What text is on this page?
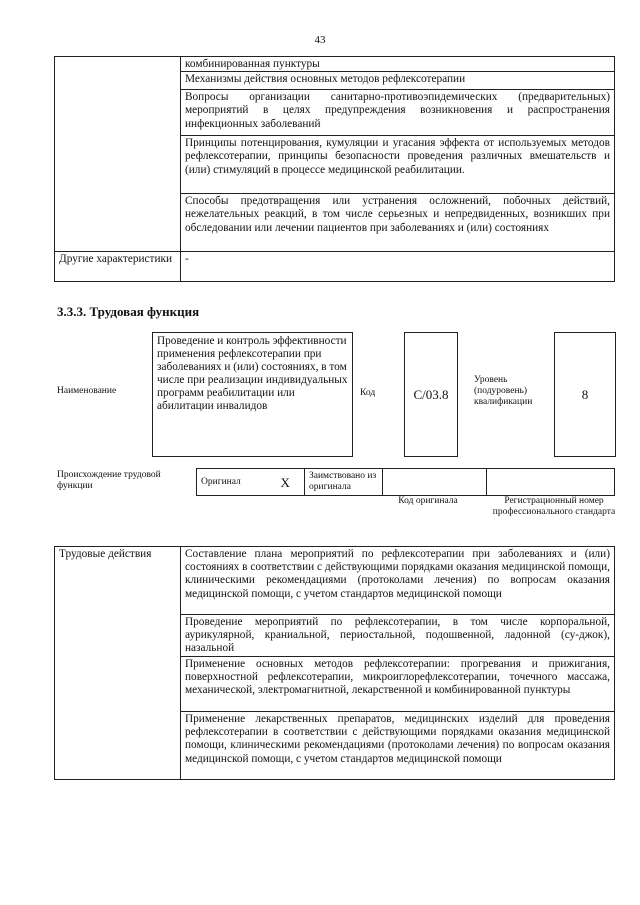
43
	комбинированная пунктуры
	Механизмы действия основных методов рефлексотерапии
	Вопросы организации санитарно-противоэпидемических (предварительных) мероприятий в целях предупреждения возникновения и распространения инфекционных заболеваний
	Принципы потенцирования, кумуляции и угасания эффекта от используемых методов рефлексотерапии, принципы безопасности проведения различных вмешательств и (или) стимуляций в процессе медицинской реабилитации.
	Способы предотвращения или устранения осложнений, побочных действий, нежелательных реакций, в том числе серьезных и непредвиденных, возникших при обследовании или лечении пациентов при заболеваниях и (или) состояниях
Другие характеристики	-
3.3.3. Трудовая функция
Наименование
Проведение и контроль эффективности применения рефлексотерапии при заболеваниях и (или) состояниях, в том числе при реализации индивидуальных программ реабилитации или абилитации инвалидов
Код	C/03.8
Уровень (подуровень) квалификации
8
Происхождение трудовой функции	Оригинал	X	Заимствовано из оригинала		
Код оригинала	Регистрационный номер профессионального стандарта
Трудовые действия	Составление плана мероприятий по рефлексотерапии при заболеваниях и (или) состояниях в соответствии с действующими порядками оказания медицинской помощи, клиническими рекомендациями (протоколами лечения) по вопросам оказания медицинской помощи, с учетом стандартов медицинской помощи
Проведение мероприятий по рефлексотерапии, в том числе корпоральной, аурикулярной, краниальной, периостальной, подошвенной, ладонной (су-джок), назальной
Применение основных методов рефлексотерапии: прогревания и прижигания, поверхностной рефлексотерапии, микроиглорефлексотерапии, точечного массажа, механической, электромагнитной, лекарственной и комбинированной пунктуры
Применение лекарственных препаратов, медицинских изделий для проведения рефлексотерапии в соответствии с действующими порядками оказания медицинской помощи, клиническими рекомендациями (протоколами лечения) по вопросам оказания медицинской помощи, с учетом стандартов медицинской помощи
